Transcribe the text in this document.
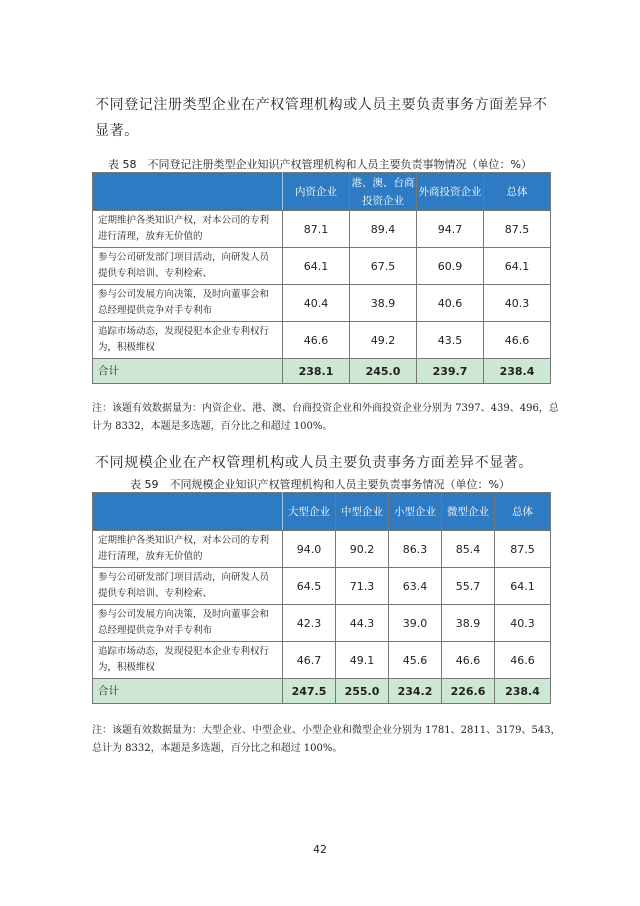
不同登记注册类型企业在产权管理机构或人员主要负责事务方面差异不显著。

表 58　不同登记注册类型企业知识产权管理机构和人员主要负责事物情况（单位：%）
	内资企业	港、澳、台商投资企业	外商投资企业	总体
定期维护各类知识产权，对本公司的专利进行清理，放弃无价值的	87.1	89.4	94.7	87.5
参与公司研发部门项目活动，向研发人员提供专利培训、专利检索、	64.1	67.5	60.9	64.1
参与公司发展方向决策，及时向董事会和总经理提供竞争对手专利布	40.4	38.9	40.6	40.3
追踪市场动态，发现侵犯本企业专利权行为，积极维权	46.6	49.2	43.5	46.6
合计	238.1	245.0	239.7	238.4

注：该题有效数据量为：内资企业、港、澳、台商投资企业和外商投资企业分别为 7397、439、496，总计为 8332，本题是多选题，百分比之和超过 100%。

不同规模企业在产权管理机构或人员主要负责事务方面差异不显著。

表 59　不同规模企业知识产权管理机构和人员主要负责事务情况（单位：%）
	大型企业	中型企业	小型企业	微型企业	总体
定期维护各类知识产权，对本公司的专利进行清理，放弃无价值的	94.0	90.2	86.3	85.4	87.5
参与公司研发部门项目活动，向研发人员提供专利培训、专利检索、	64.5	71.3	63.4	55.7	64.1
参与公司发展方向决策，及时向董事会和总经理提供竞争对手专利布	42.3	44.3	39.0	38.9	40.3
追踪市场动态，发现侵犯本企业专利权行为，积极维权	46.7	49.1	45.6	46.6	46.6
合计	247.5	255.0	234.2	226.6	238.4

注：该题有效数据量为：大型企业、中型企业、小型企业和微型企业分别为 1781、2811、3179、543，总计为 8332，本题是多选题，百分比之和超过 100%。

42
